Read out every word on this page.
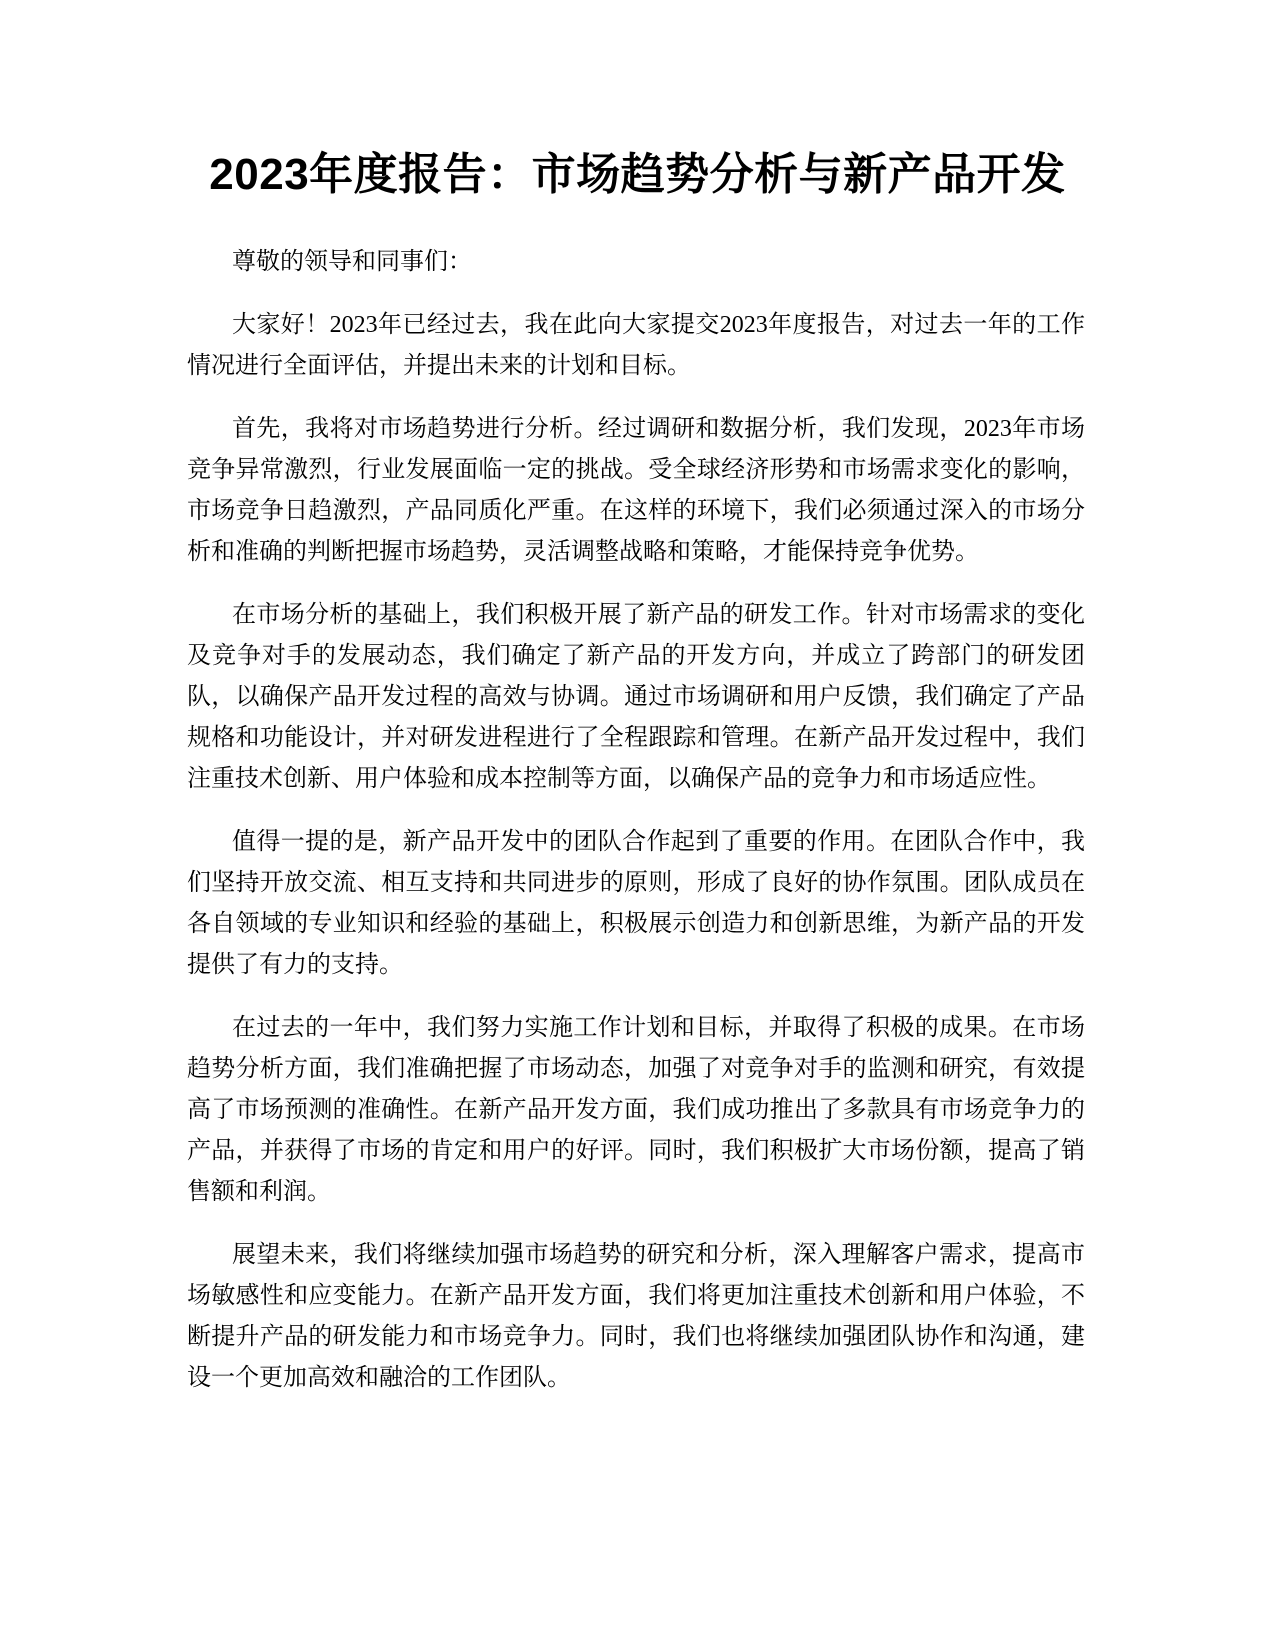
2023年度报告：市场趋势分析与新产品开发

尊敬的领导和同事们：

大家好！2023年已经过去，我在此向大家提交2023年度报告，对过去一年的工作情况进行全面评估，并提出未来的计划和目标。

首先，我将对市场趋势进行分析。经过调研和数据分析，我们发现，2023年市场竞争异常激烈，行业发展面临一定的挑战。受全球经济形势和市场需求变化的影响，市场竞争日趋激烈，产品同质化严重。在这样的环境下，我们必须通过深入的市场分析和准确的判断把握市场趋势，灵活调整战略和策略，才能保持竞争优势。

在市场分析的基础上，我们积极开展了新产品的研发工作。针对市场需求的变化及竞争对手的发展动态，我们确定了新产品的开发方向，并成立了跨部门的研发团队，以确保产品开发过程的高效与协调。通过市场调研和用户反馈，我们确定了产品规格和功能设计，并对研发进程进行了全程跟踪和管理。在新产品开发过程中，我们注重技术创新、用户体验和成本控制等方面，以确保产品的竞争力和市场适应性。

值得一提的是，新产品开发中的团队合作起到了重要的作用。在团队合作中，我们坚持开放交流、相互支持和共同进步的原则，形成了良好的协作氛围。团队成员在各自领域的专业知识和经验的基础上，积极展示创造力和创新思维，为新产品的开发提供了有力的支持。

在过去的一年中，我们努力实施工作计划和目标，并取得了积极的成果。在市场趋势分析方面，我们准确把握了市场动态，加强了对竞争对手的监测和研究，有效提高了市场预测的准确性。在新产品开发方面，我们成功推出了多款具有市场竞争力的产品，并获得了市场的肯定和用户的好评。同时，我们积极扩大市场份额，提高了销售额和利润。

展望未来，我们将继续加强市场趋势的研究和分析，深入理解客户需求，提高市场敏感性和应变能力。在新产品开发方面，我们将更加注重技术创新和用户体验，不断提升产品的研发能力和市场竞争力。同时，我们也将继续加强团队协作和沟通，建设一个更加高效和融洽的工作团队。
